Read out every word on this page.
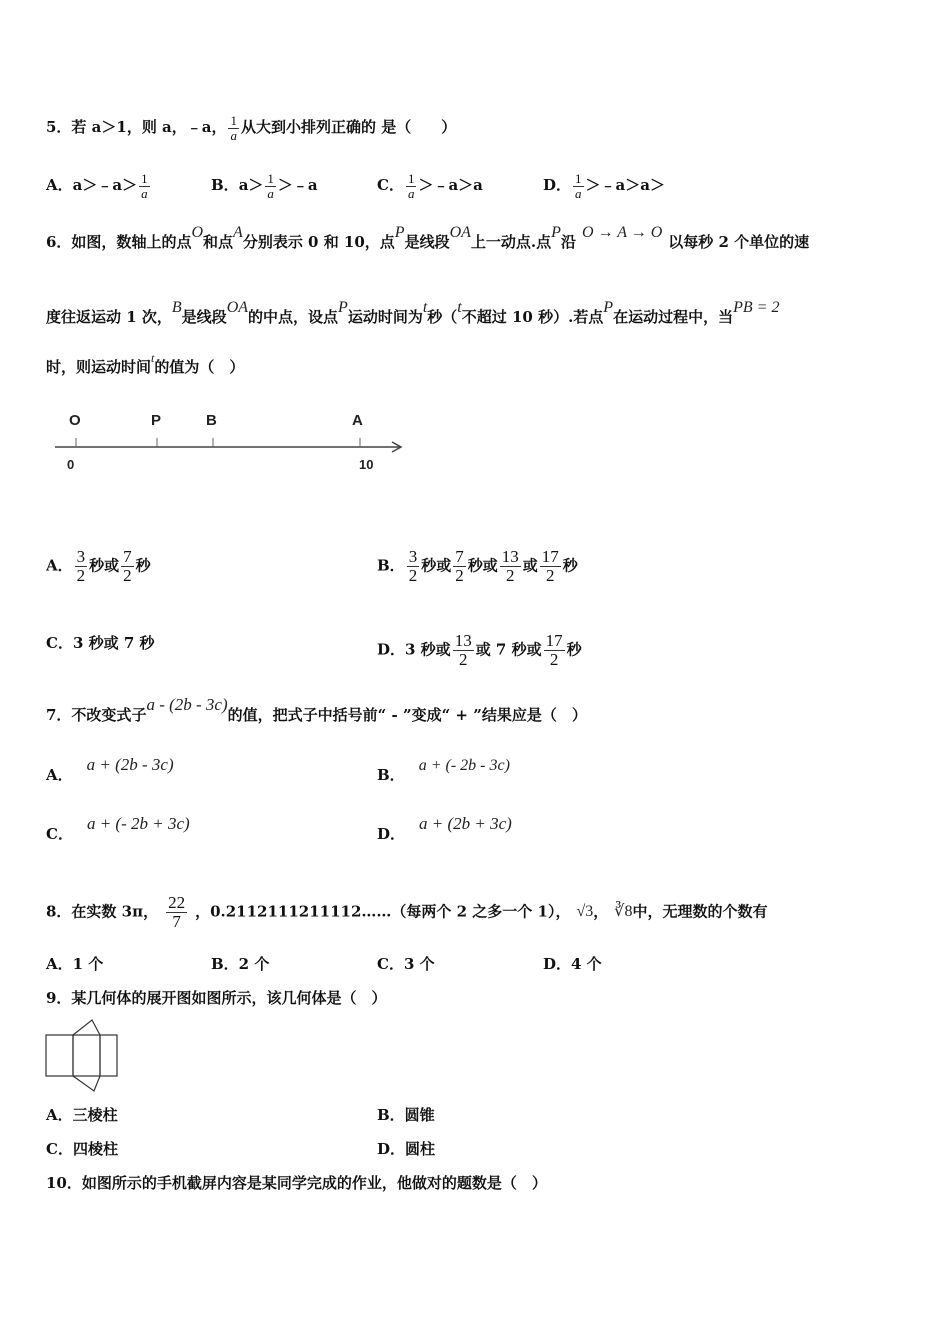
5．若 a＞1，则 a，﹣a， $\frac{1}{a}$ 从大到小排列正确的 是（　　）
A．a＞﹣a＞ $\frac{1}{a}$	B．$a> \frac{1}{a}$ ＞﹣a	C． $\frac{1}{a}$ ＞﹣a＞a	D． $\frac{1}{a}$ ＞﹣a＞a＞
6．如图，数轴上的点O和点A分别表示 0 和 10，点P是线段OA上一动点.点P沿O → A → O以每秒 2 个单位的速
度往返运动 1 次，B是线段OA的中点，设点P运动时间为t秒（t不超过 10 秒）.若点P在运动过程中，当PB = 2
时，则运动时间$^t$的值为（　）
O	P	B	A
0	10
A． $\frac{3}{2}$ 秒或 $\frac{7}{2}$ 秒	B． $\frac{3}{2}$ 秒或 $\frac{7}{2}$ 秒或 $\frac{13}{2}$ 或 $\frac{17}{2}$ 秒
C．3 秒或 7 秒	D．3 秒或 $\frac{13}{2}$ 或 7 秒或 $\frac{17}{2}$ 秒
7．不改变式子a - (2b - 3c)的值，把式子中括号前“ - ”变成“ + ”结果应是（　）
A．a + (2b - 3c)
B．a + (- 2b - 3c)
C．a + (- 2b + 3c)
D．a + (2b + 3c)
8．在实数 3π， $\frac{22}{7}$ ，0.2112111211112……（每两个 2 之多一个 1）， √3， ∛8中，无理数的个数有
A．1 个	B．2 个	C．3 个	D．4 个
9．某几何体的展开图如图所示，该几何体是（　）
A．三棱柱	B．圆锥
C．四棱柱	D．圆柱
10．如图所示的手机截屏内容是某同学完成的作业，他做对的题数是（　）
